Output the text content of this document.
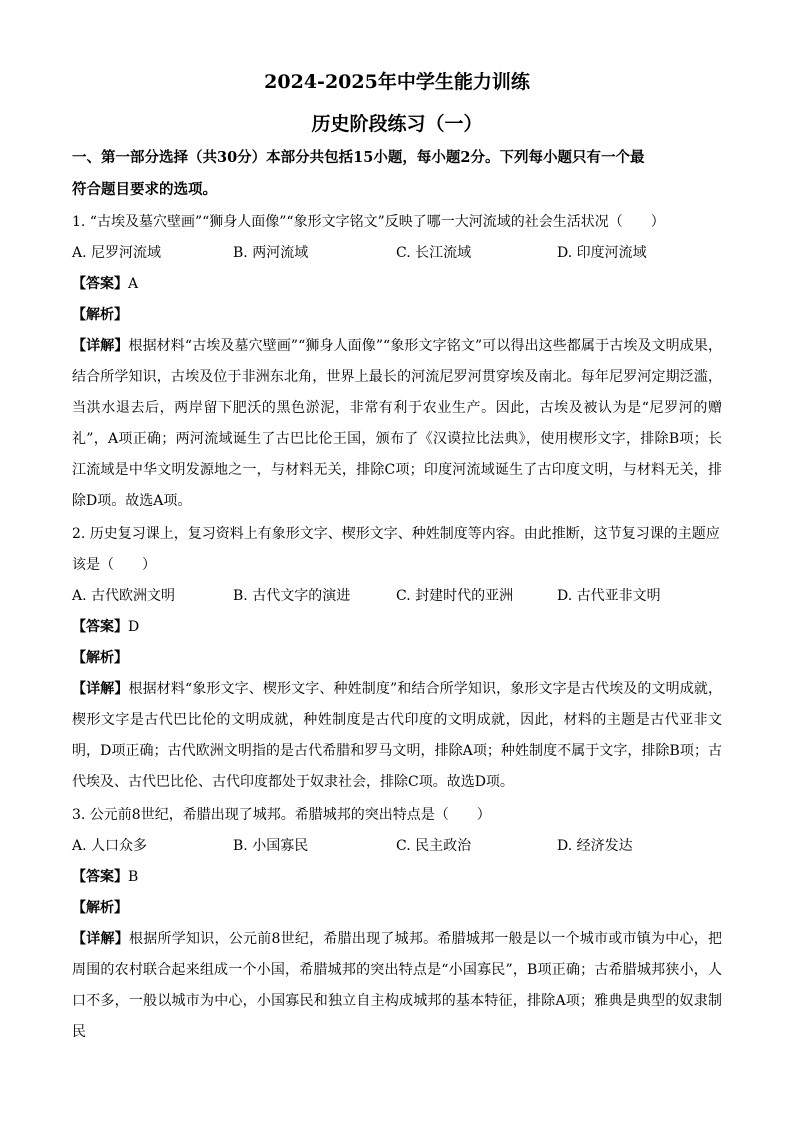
2024-2025年中学生能力训练
历史阶段练习（一）
一、第一部分选择（共30分）本部分共包括15小题，每小题2分。下列每小题只有一个最
符合题目要求的选项。
1. “古埃及墓穴壁画”“狮身人面像”“象形文字铭文”反映了哪一大河流域的社会生活状况（　　）
A. 尼罗河流域	B. 两河流域	C. 长江流域	D. 印度河流域
【答案】A
【解析】
【详解】根据材料“古埃及墓穴壁画”“狮身人面像”“象形文字铭文”可以得出这些都属于古埃及文明成果，结合所学知识，古埃及位于非洲东北角，世界上最长的河流尼罗河贯穿埃及南北。每年尼罗河定期泛滥，当洪水退去后，两岸留下肥沃的黑色淤泥，非常有利于农业生产。因此，古埃及被认为是“尼罗河的赠礼”，A项正确；两河流域诞生了古巴比伦王国，颁布了《汉谟拉比法典》，使用楔形文字，排除B项；长江流域是中华文明发源地之一，与材料无关，排除C项；印度河流域诞生了古印度文明，与材料无关，排除D项。故选A项。
2. 历史复习课上，复习资料上有象形文字、楔形文字、种姓制度等内容。由此推断，这节复习课的主题应
该是（　　）
A. 古代欧洲文明	B. 古代文字的演进	C. 封建时代的亚洲	D. 古代亚非文明
【答案】D
【解析】
【详解】根据材料“象形文字、楔形文字、种姓制度”和结合所学知识，象形文字是古代埃及的文明成就，楔形文字是古代巴比伦的文明成就，种姓制度是古代印度的文明成就，因此，材料的主题是古代亚非文明，D项正确；古代欧洲文明指的是古代希腊和罗马文明，排除A项；种姓制度不属于文字，排除B项；古代埃及、古代巴比伦、古代印度都处于奴隶社会，排除C项。故选D项。
3. 公元前8世纪，希腊出现了城邦。希腊城邦的突出特点是（　　）
A. 人口众多	B. 小国寡民	C. 民主政治	D. 经济发达
【答案】B
【解析】
【详解】根据所学知识，公元前8世纪，希腊出现了城邦。希腊城邦一般是以一个城市或市镇为中心，把周围的农村联合起来组成一个小国，希腊城邦的突出特点是“小国寡民”，B项正确；古希腊城邦狭小，人口不多，一般以城市为中心，小国寡民和独立自主构成城邦的基本特征，排除A项；雅典是典型的奴隶制民
